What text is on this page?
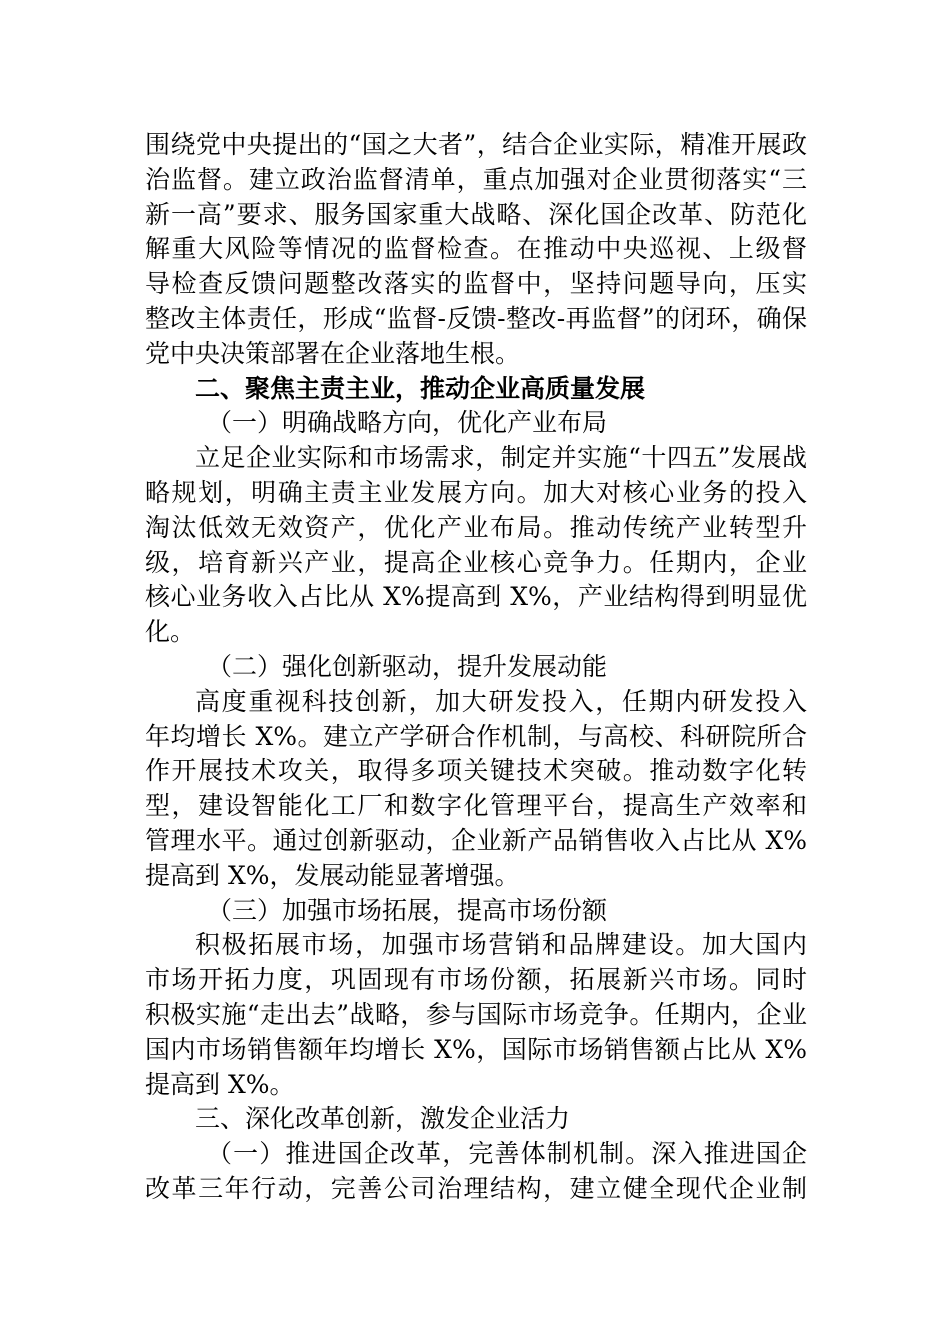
围绕党中央提出的“国之大者”，结合企业实际，精准开展政
治监督。建立政治监督清单，重点加强对企业贯彻落实“三
新一高”要求、服务国家重大战略、深化国企改革、防范化
解重大风险等情况的监督检查。在推动中央巡视、上级督
导检查反馈问题整改落实的监督中，坚持问题导向，压实
整改主体责任，形成“监督-反馈-整改-再监督”的闭环，确保
党中央决策部署在企业落地生根。
二、聚焦主责主业，推动企业高质量发展
（一）明确战略方向，优化产业布局
立足企业实际和市场需求，制定并实施“十四五”发展战
略规划，明确主责主业发展方向。加大对核心业务的投入
淘汰低效无效资产，优化产业布局。推动传统产业转型升
级，培育新兴产业，提高企业核心竞争力。任期内，企业
核心业务收入占比从 X%提高到 X%，产业结构得到明显优
化。
（二）强化创新驱动，提升发展动能
高度重视科技创新，加大研发投入，任期内研发投入
年均增长 X%。建立产学研合作机制，与高校、科研院所合
作开展技术攻关，取得多项关键技术突破。推动数字化转
型，建设智能化工厂和数字化管理平台，提高生产效率和
管理水平。通过创新驱动，企业新产品销售收入占比从 X%
提高到 X%，发展动能显著增强。
（三）加强市场拓展，提高市场份额
积极拓展市场，加强市场营销和品牌建设。加大国内
市场开拓力度，巩固现有市场份额，拓展新兴市场。同时
积极实施“走出去”战略，参与国际市场竞争。任期内，企业
国内市场销售额年均增长 X%，国际市场销售额占比从 X%
提高到 X%。
三、深化改革创新，激发企业活力
（一）推进国企改革，完善体制机制。深入推进国企
改革三年行动，完善公司治理结构，建立健全现代企业制
